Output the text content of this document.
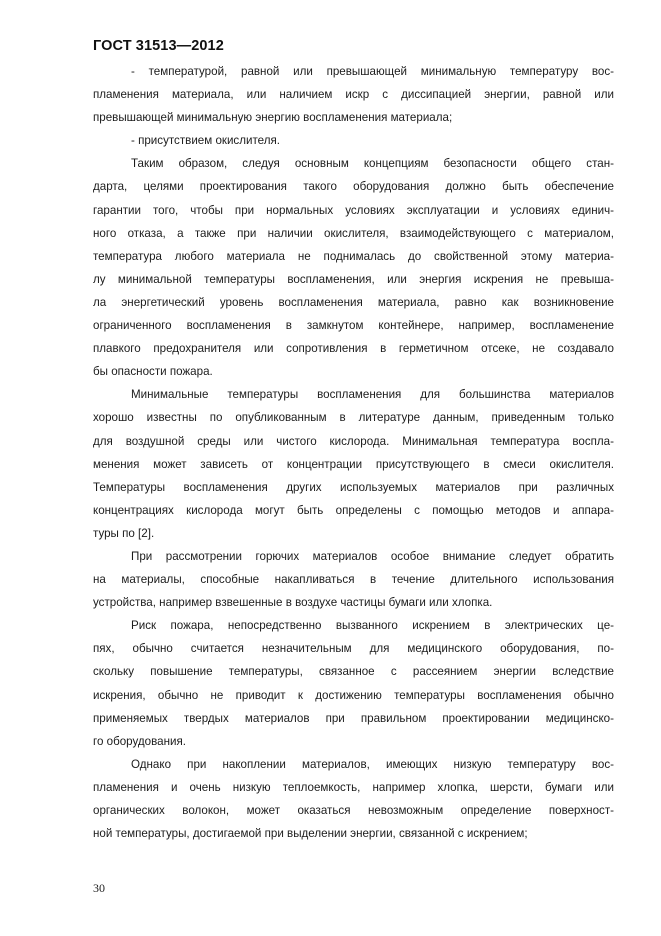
ГОСТ 31513—2012
- температурой, равной или превышающей минимальную температуру вос-
пламенения материала, или наличием искр с диссипацией энергии, равной или
превышающей минимальную энергию воспламенения материала;
- присутствием окислителя.
Таким образом, следуя основным концепциям безопасности общего стан-
дарта, целями проектирования такого оборудования должно быть обеспечение
гарантии того, чтобы при нормальных условиях эксплуатации и условиях единич-
ного отказа, а также при наличии окислителя, взаимодействующего с материалом,
температура любого материала не поднималась до свойственной этому материа-
лу минимальной температуры воспламенения, или энергия искрения не превыша-
ла энергетический уровень воспламенения материала, равно как возникновение
ограниченного воспламенения в замкнутом контейнере, например, воспламенение
плавкого предохранителя или сопротивления в герметичном отсеке, не создавало
бы опасности пожара.
Минимальные температуры воспламенения для большинства материалов
хорошо известны по опубликованным в литературе данным, приведенным только
для воздушной среды или чистого кислорода. Минимальная температура воспла-
менения может зависеть от концентрации присутствующего в смеси окислителя.
Температуры воспламенения других используемых материалов при различных
концентрациях кислорода могут быть определены с помощью методов и аппара-
туры по [2].
При рассмотрении горючих материалов особое внимание следует обратить
на материалы, способные накапливаться в течение длительного использования
устройства, например взвешенные в воздухе частицы бумаги или хлопка.
Риск пожара, непосредственно вызванного искрением в электрических це-
пях, обычно считается незначительным для медицинского оборудования, по-
скольку повышение температуры, связанное с рассеянием энергии вследствие
искрения, обычно не приводит к достижению температуры воспламенения обычно
применяемых твердых материалов при правильном проектировании медицинско-
го оборудования.
Однако при накоплении материалов, имеющих низкую температуру вос-
пламенения и очень низкую теплоемкость, например хлопка, шерсти, бумаги или
органических волокон, может оказаться невозможным определение поверхност-
ной температуры, достигаемой при выделении энергии, связанной с искрением;
30
